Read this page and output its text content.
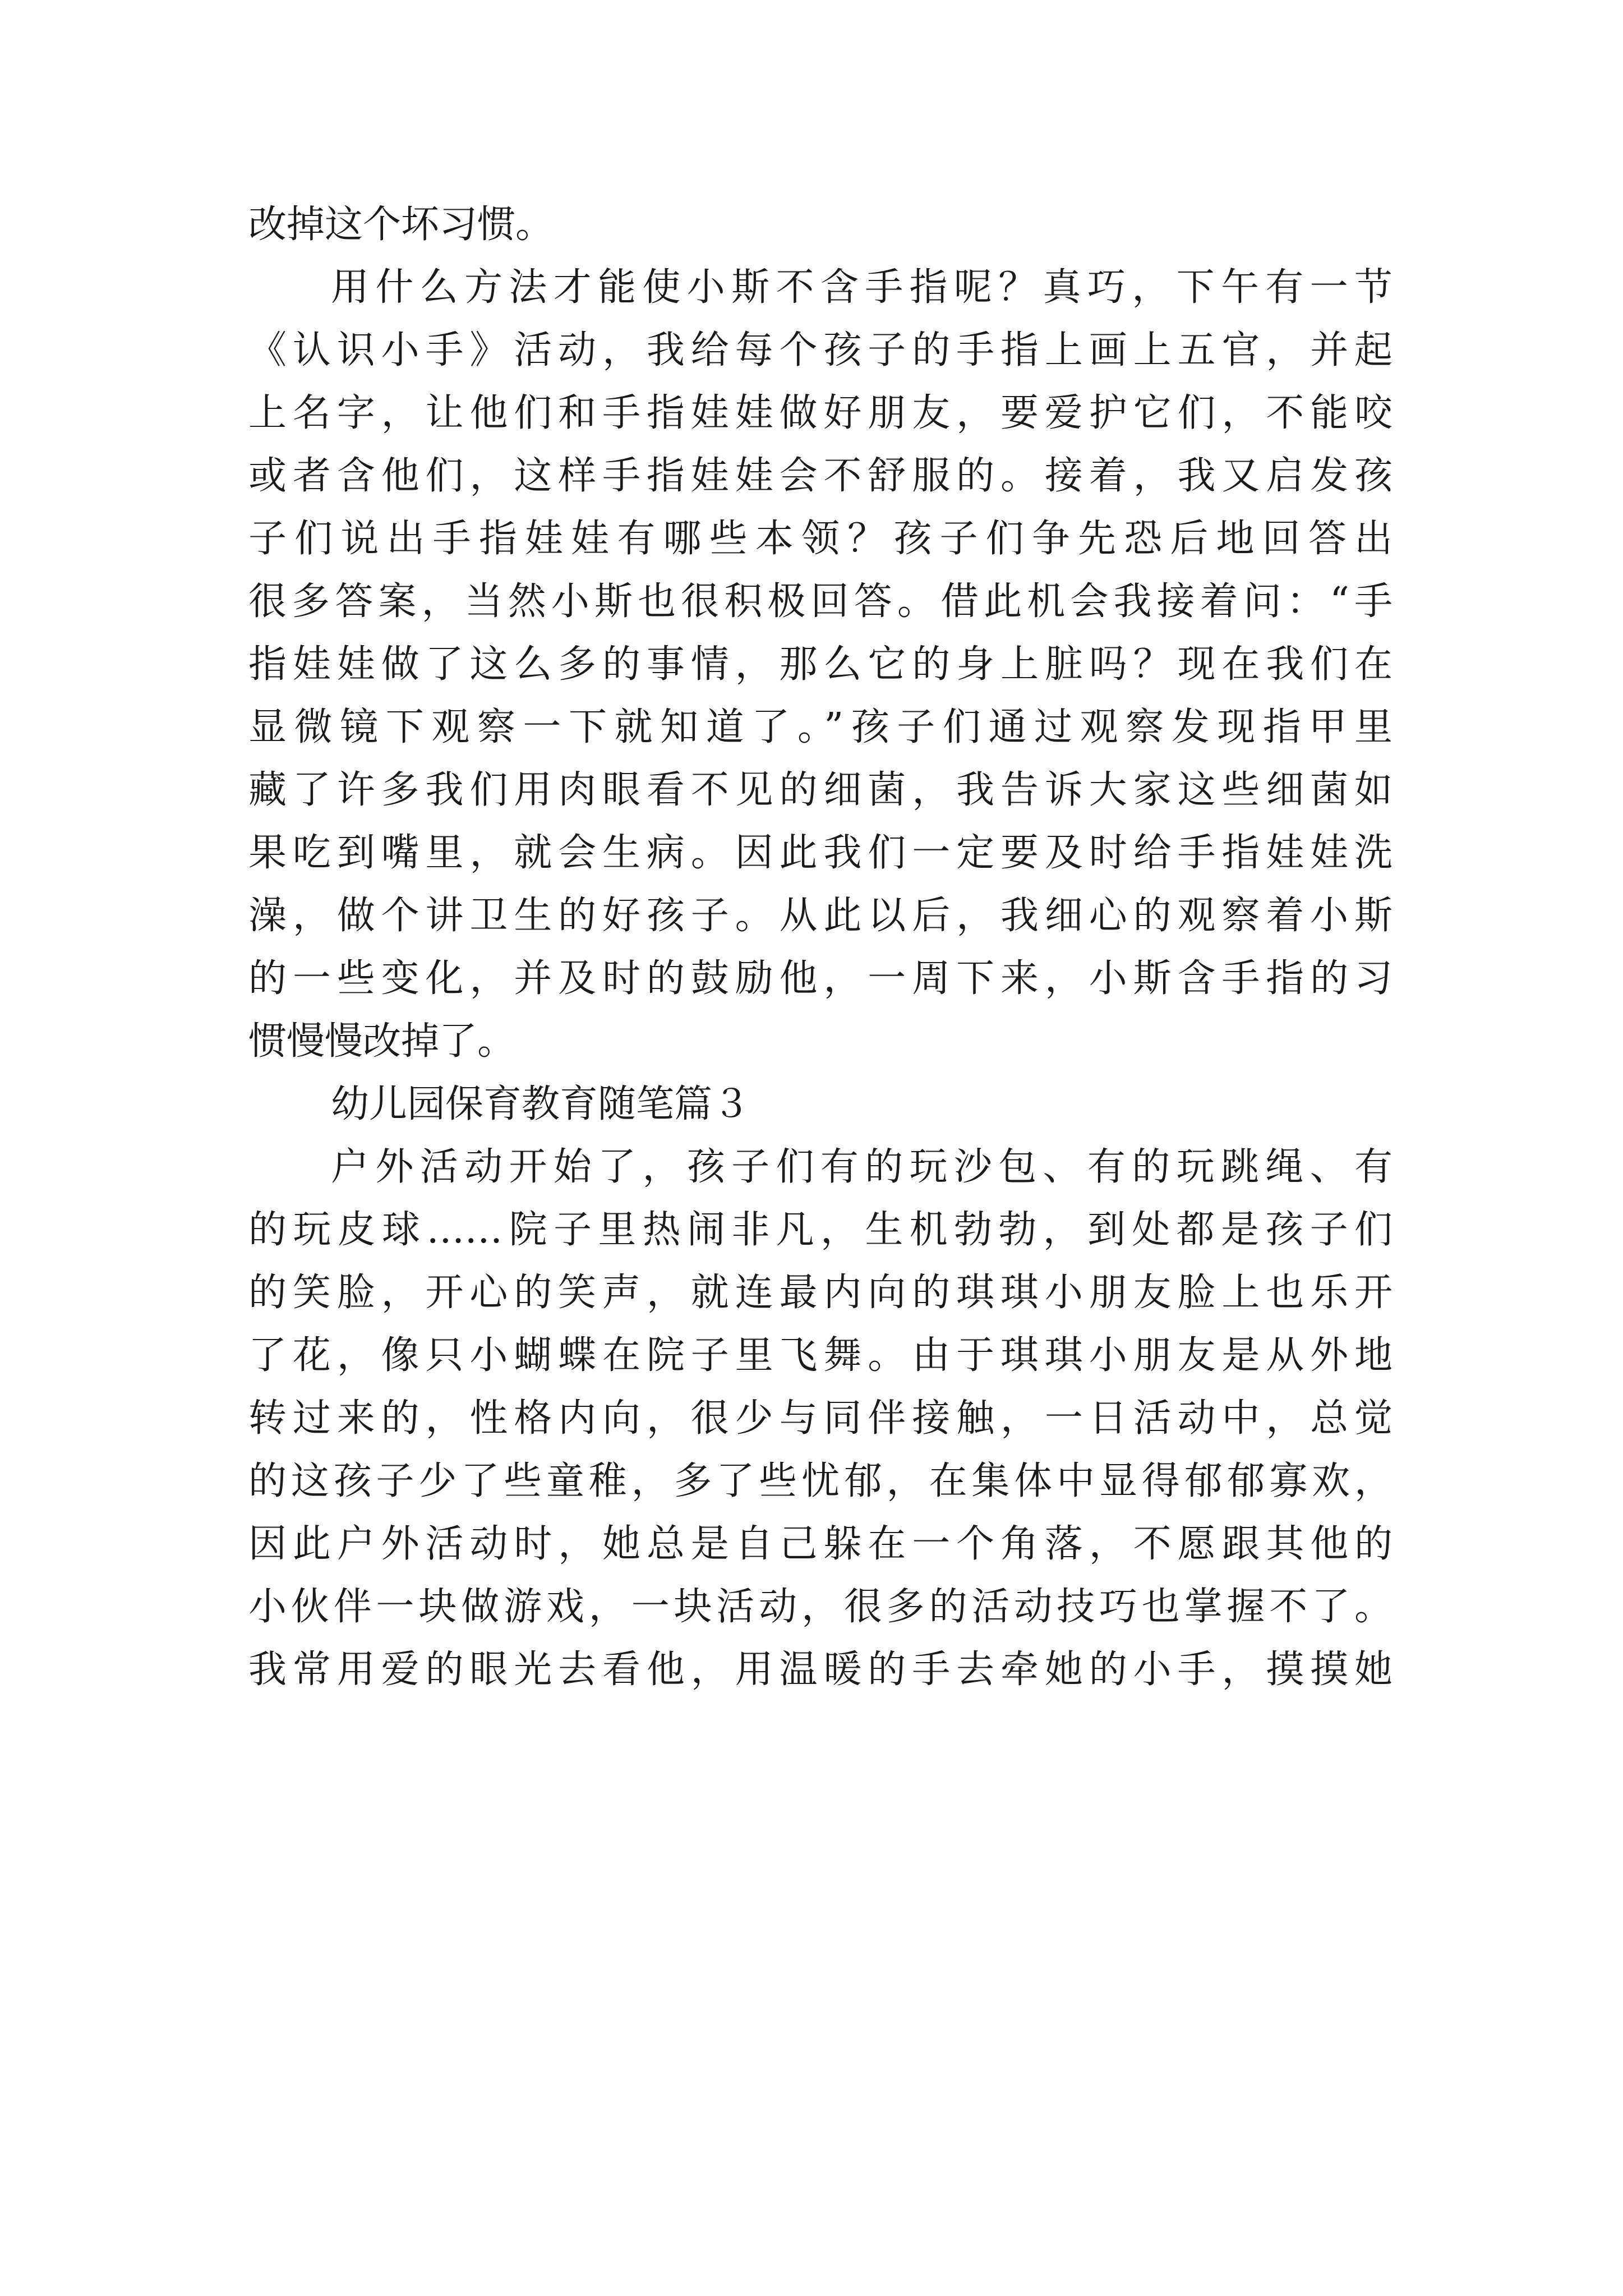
改掉这个坏习惯。
用什么方法才能使小斯不含手指呢？真巧，下午有一节
《认识小手》活动，我给每个孩子的手指上画上五官，并起
上名字，让他们和手指娃娃做好朋友，要爱护它们，不能咬
或者含他们，这样手指娃娃会不舒服的。接着，我又启发孩
子们说出手指娃娃有哪些本领？孩子们争先恐后地回答出
很多答案，当然小斯也很积极回答。借此机会我接着问：“手
指娃娃做了这么多的事情，那么它的身上脏吗？现在我们在
显微镜下观察一下就知道了。”孩子们通过观察发现指甲里
藏了许多我们用肉眼看不见的细菌，我告诉大家这些细菌如
果吃到嘴里，就会生病。因此我们一定要及时给手指娃娃洗
澡，做个讲卫生的好孩子。从此以后，我细心的观察着小斯
的一些变化，并及时的鼓励他，一周下来，小斯含手指的习
惯慢慢改掉了。
幼儿园保育教育随笔篇３
户外活动开始了，孩子们有的玩沙包、有的玩跳绳、有
的玩皮球……院子里热闹非凡，生机勃勃，到处都是孩子们
的笑脸，开心的笑声，就连最内向的琪琪小朋友脸上也乐开
了花，像只小蝴蝶在院子里飞舞。由于琪琪小朋友是从外地
转过来的，性格内向，很少与同伴接触，一日活动中，总觉
的这孩子少了些童稚，多了些忧郁，在集体中显得郁郁寡欢，
因此户外活动时，她总是自己躲在一个角落，不愿跟其他的
小伙伴一块做游戏，一块活动，很多的活动技巧也掌握不了。
我常用爱的眼光去看他，用温暖的手去牵她的小手，摸摸她
